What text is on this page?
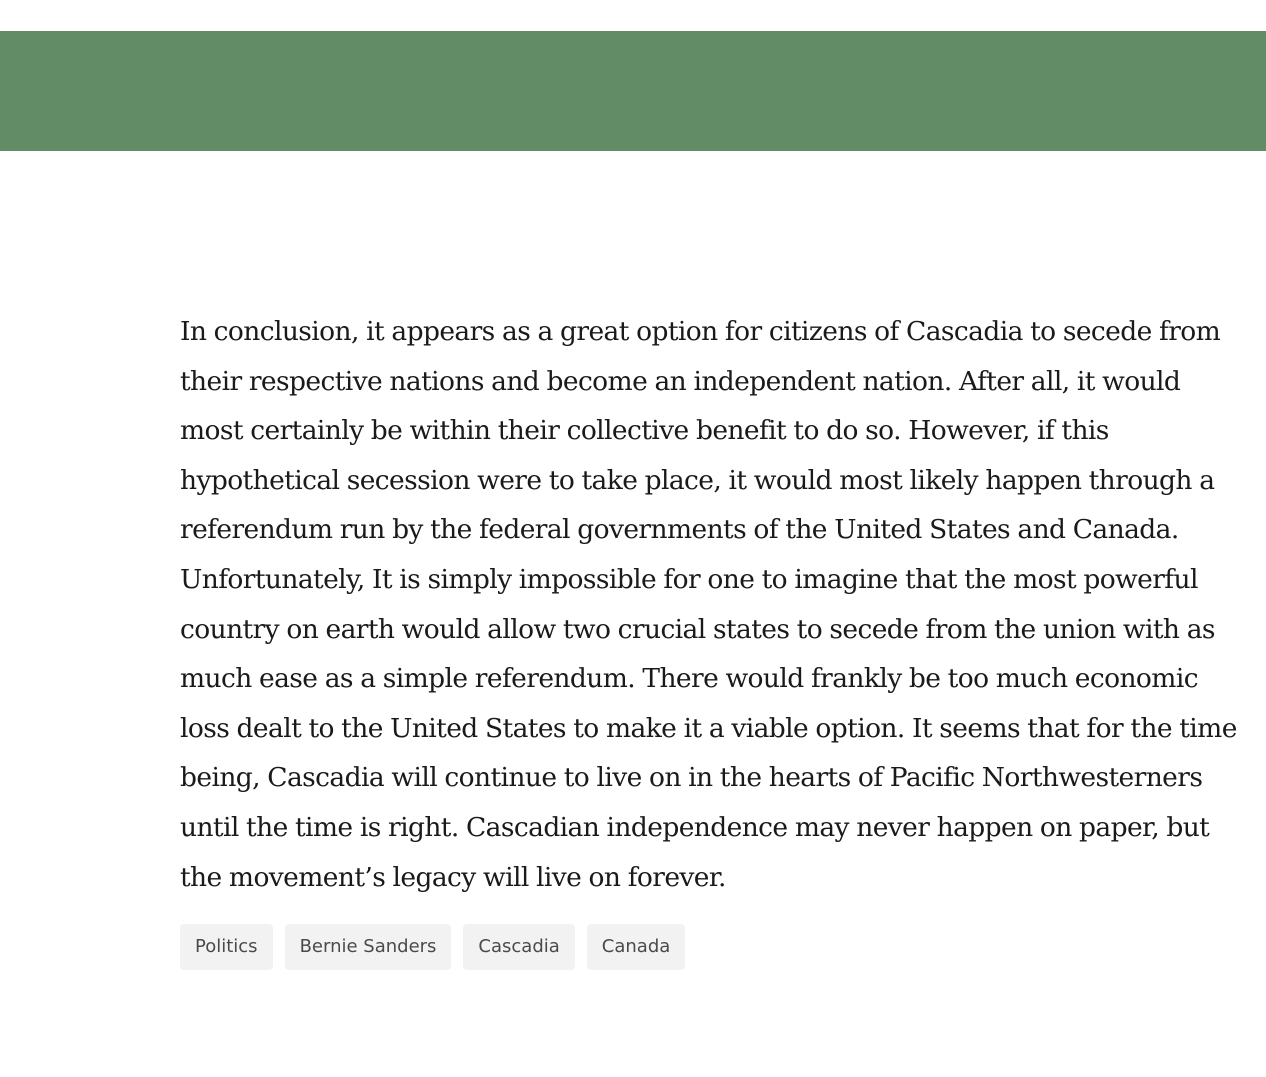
In conclusion, it appears as a great option for citizens of Cascadia to secede from their respective nations and become an independent nation. After all, it would most certainly be within their collective benefit to do so. However, if this hypothetical secession were to take place, it would most likely happen through a referendum run by the federal governments of the United States and Canada. Unfortunately, It is simply impossible for one to imagine that the most powerful country on earth would allow two crucial states to secede from the union with as much ease as a simple referendum. There would frankly be too much economic loss dealt to the United States to make it a viable option. It seems that for the time being, Cascadia will continue to live on in the hearts of Pacific Northwesterners until the time is right. Cascadian independence may never happen on paper, but the movement’s legacy will live on forever.

Politics	Bernie Sanders	Cascadia	Canada
